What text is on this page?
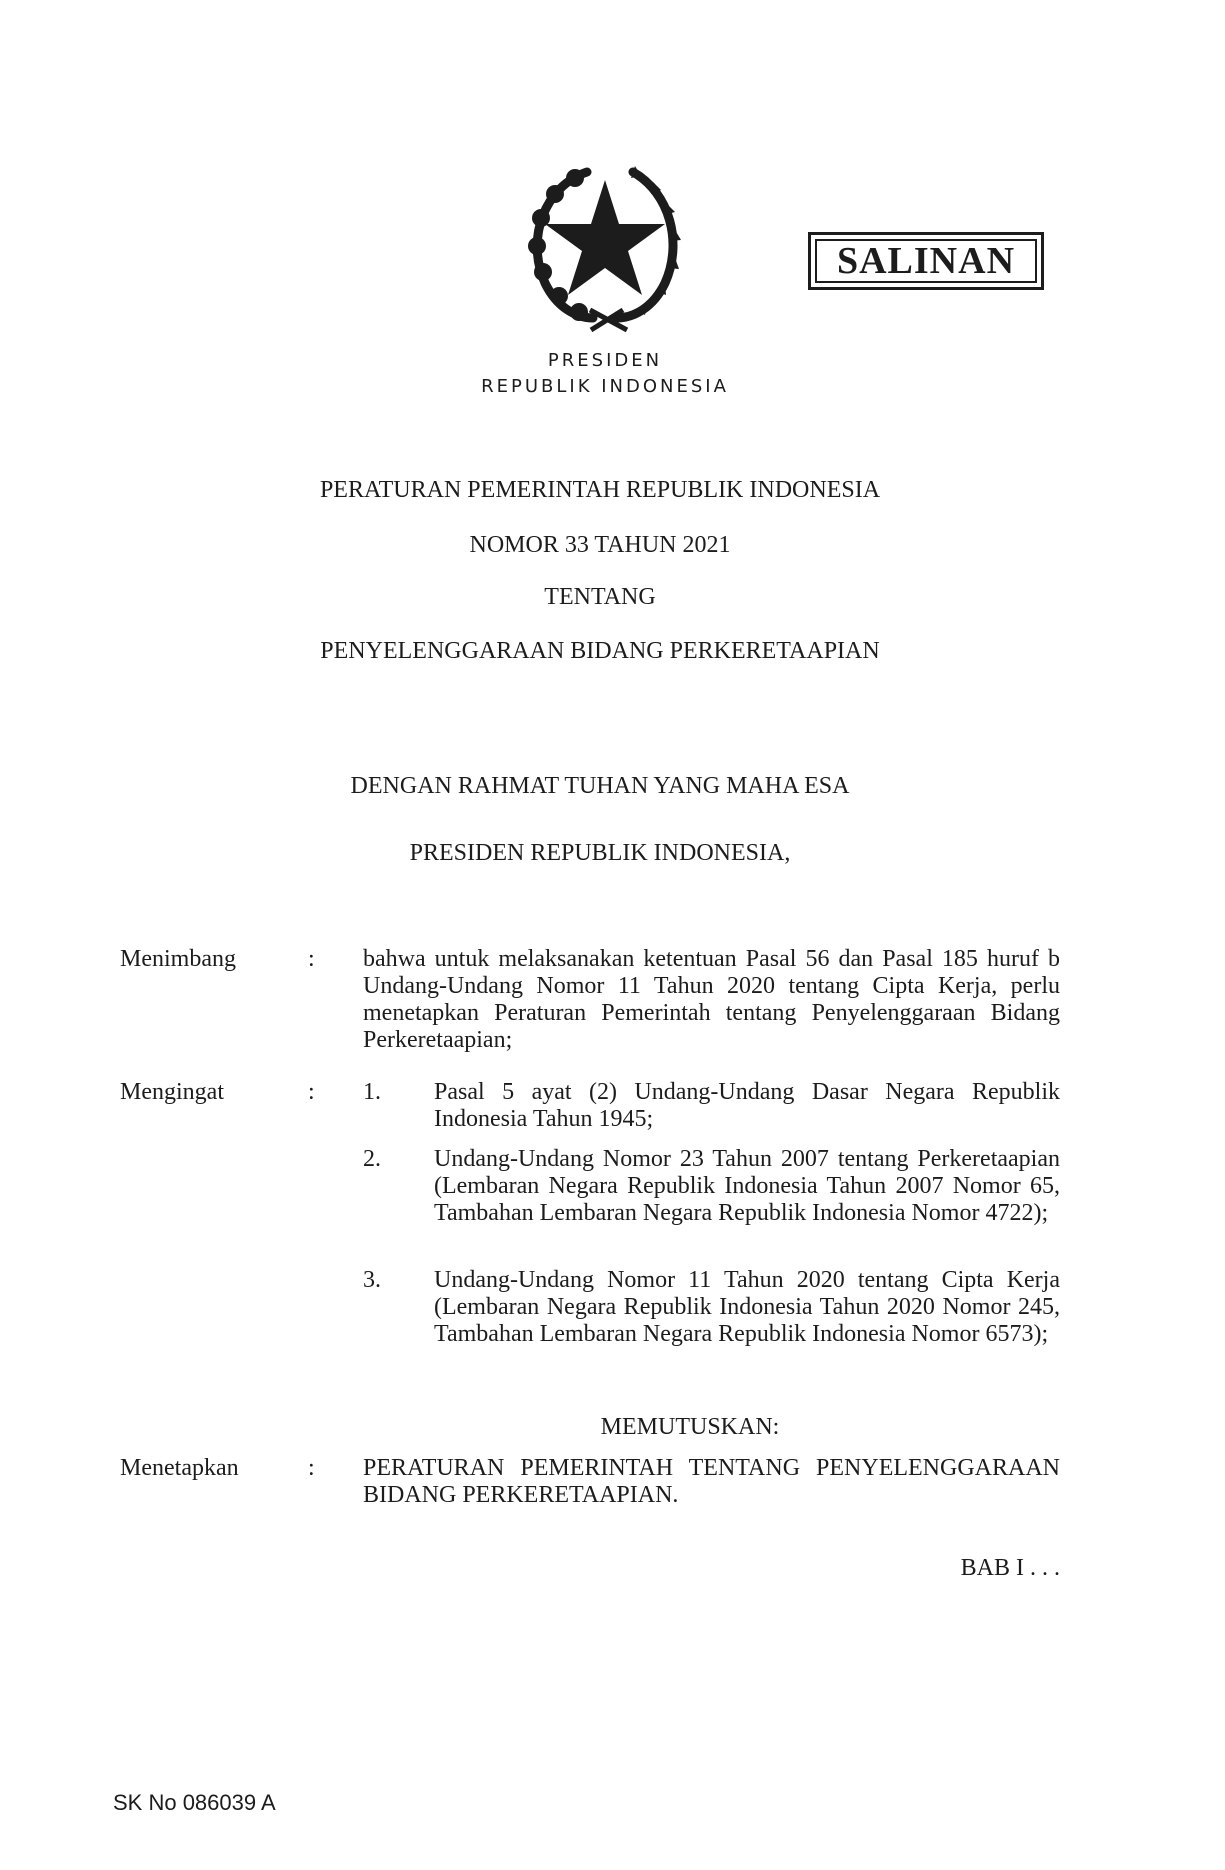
PRESIDEN
REPUBLIK INDONESIA
SALINAN
PERATURAN PEMERINTAH REPUBLIK INDONESIA
NOMOR 33 TAHUN 2021
TENTANG
PENYELENGGARAAN BIDANG PERKERETAAPIAN
DENGAN RAHMAT TUHAN YANG MAHA ESA
PRESIDEN REPUBLIK INDONESIA,
Menimbang	: bahwa untuk melaksanakan ketentuan Pasal 56 dan Pasal 185 huruf b Undang-Undang Nomor 11 Tahun 2020 tentang Cipta Kerja, perlu menetapkan Peraturan Pemerintah tentang Penyelenggaraan Bidang Perkeretaapian;
Mengingat	: 1. Pasal 5 ayat (2) Undang-Undang Dasar Negara Republik Indonesia Tahun 1945;
2. Undang-Undang Nomor 23 Tahun 2007 tentang Perkeretaapian (Lembaran Negara Republik Indonesia Tahun 2007 Nomor 65, Tambahan Lembaran Negara Republik Indonesia Nomor 4722);
3. Undang-Undang Nomor 11 Tahun 2020 tentang Cipta Kerja (Lembaran Negara Republik Indonesia Tahun 2020 Nomor 245, Tambahan Lembaran Negara Republik Indonesia Nomor 6573);
MEMUTUSKAN:
Menetapkan	: PERATURAN PEMERINTAH TENTANG PENYELENGGARAAN BIDANG PERKERETAAPIAN.
BAB I . . .
SK No 086039 A
